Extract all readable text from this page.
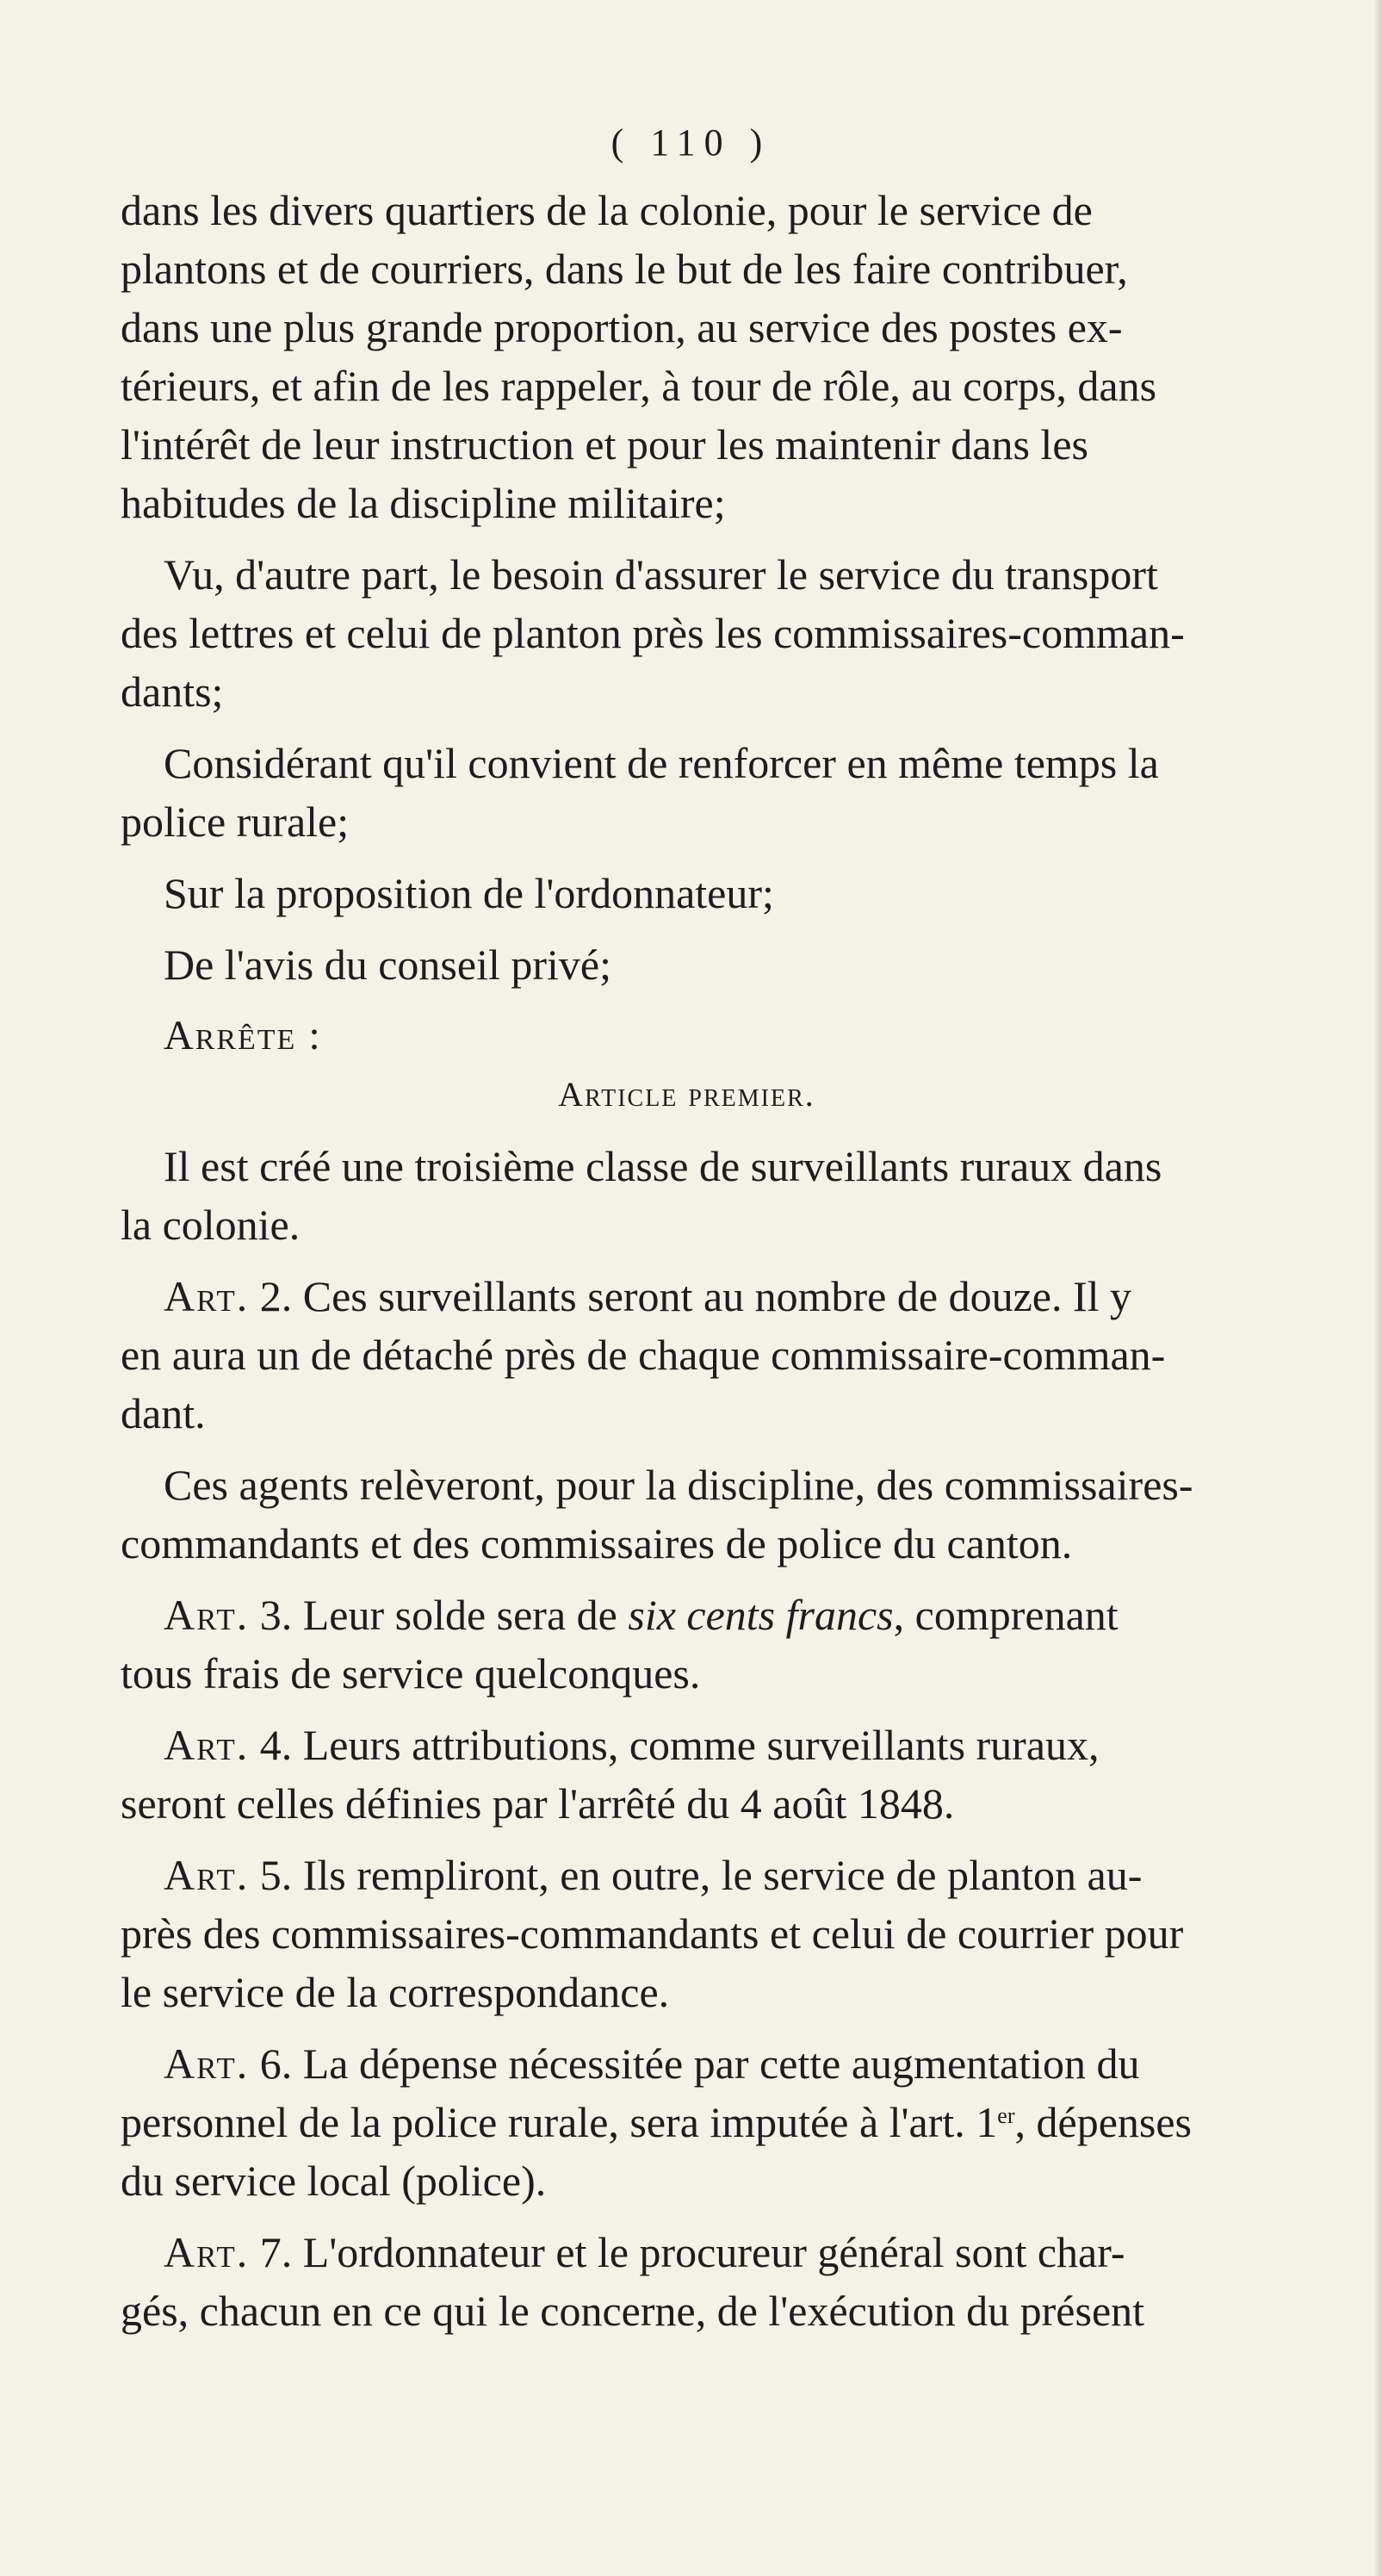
( 110 )

dans les divers quartiers de la colonie, pour le service de
plantons et de courriers, dans le but de les faire contribuer,
dans une plus grande proportion, au service des postes ex-
térieurs, et afin de les rappeler, à tour de rôle, au corps, dans
l'intérêt de leur instruction et pour les maintenir dans les
habitudes de la discipline militaire;

Vu, d'autre part, le besoin d'assurer le service du transport
des lettres et celui de planton près les commissaires-comman-
dants;

Considérant qu'il convient de renforcer en même temps la
police rurale;

Sur la proposition de l'ordonnateur;

De l'avis du conseil privé;

Arrête :

Article premier.

Il est créé une troisième classe de surveillants ruraux dans
la colonie.

Art. 2. Ces surveillants seront au nombre de douze. Il y
en aura un de détaché près de chaque commissaire-comman-
dant.

Ces agents relèveront, pour la discipline, des commissaires-
commandants et des commissaires de police du canton.

Art. 3. Leur solde sera de six cents francs, comprenant
tous frais de service quelconques.

Art. 4. Leurs attributions, comme surveillants ruraux,
seront celles définies par l'arrêté du 4 août 1848.

Art. 5. Ils rempliront, en outre, le service de planton au-
près des commissaires-commandants et celui de courrier pour
le service de la correspondance.

Art. 6. La dépense nécessitée par cette augmentation du
personnel de la police rurale, sera imputée à l'art. 1er, dépenses
du service local (police).

Art. 7. L'ordonnateur et le procureur général sont char-
gés, chacun en ce qui le concerne, de l'exécution du présent
